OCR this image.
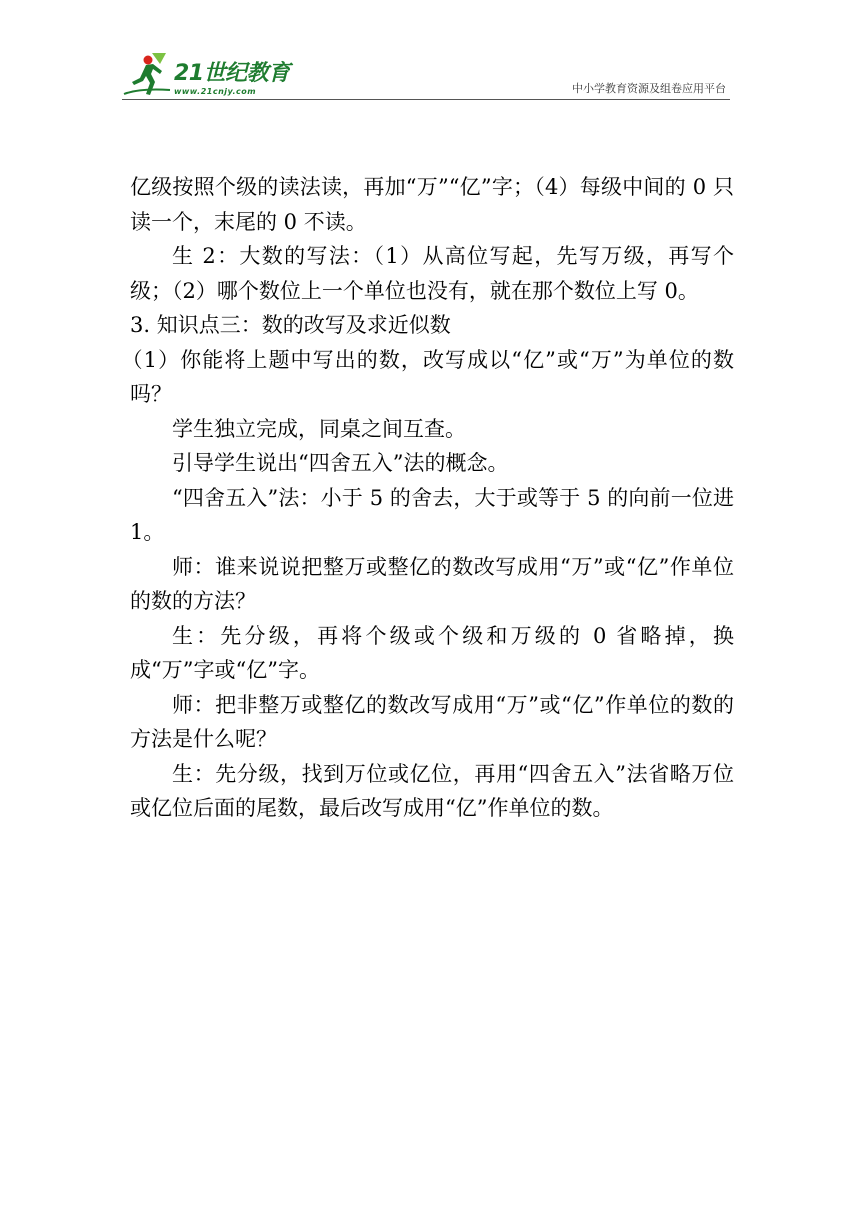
21世纪教育
www.21cnjy.com	中小学教育资源及组卷应用平台

亿级按照个级的读法读，再加“万”“亿”字；（4）每级中间的 0 只读一个，末尾的 0 不读。

生 2：大数的写法：（1）从高位写起，先写万级，再写个级；（2）哪个数位上一个单位也没有，就在那个数位上写 0。

3. 知识点三：数的改写及求近似数

（1）你能将上题中写出的数，改写成以“亿”或“万”为单位的数吗？

学生独立完成，同桌之间互查。

引导学生说出“四舍五入”法的概念。

“四舍五入”法：小于 5 的舍去，大于或等于 5 的向前一位进 1。

师：谁来说说把整万或整亿的数改写成用“万”或“亿”作单位的数的方法？

生：先分级，再将个级或个级和万级的 0 省略掉，换成“万”字或“亿”字。

师：把非整万或整亿的数改写成用“万”或“亿”作单位的数的方法是什么呢？

生：先分级，找到万位或亿位，再用“四舍五入”法省略万位或亿位后面的尾数，最后改写成用“亿”作单位的数。
